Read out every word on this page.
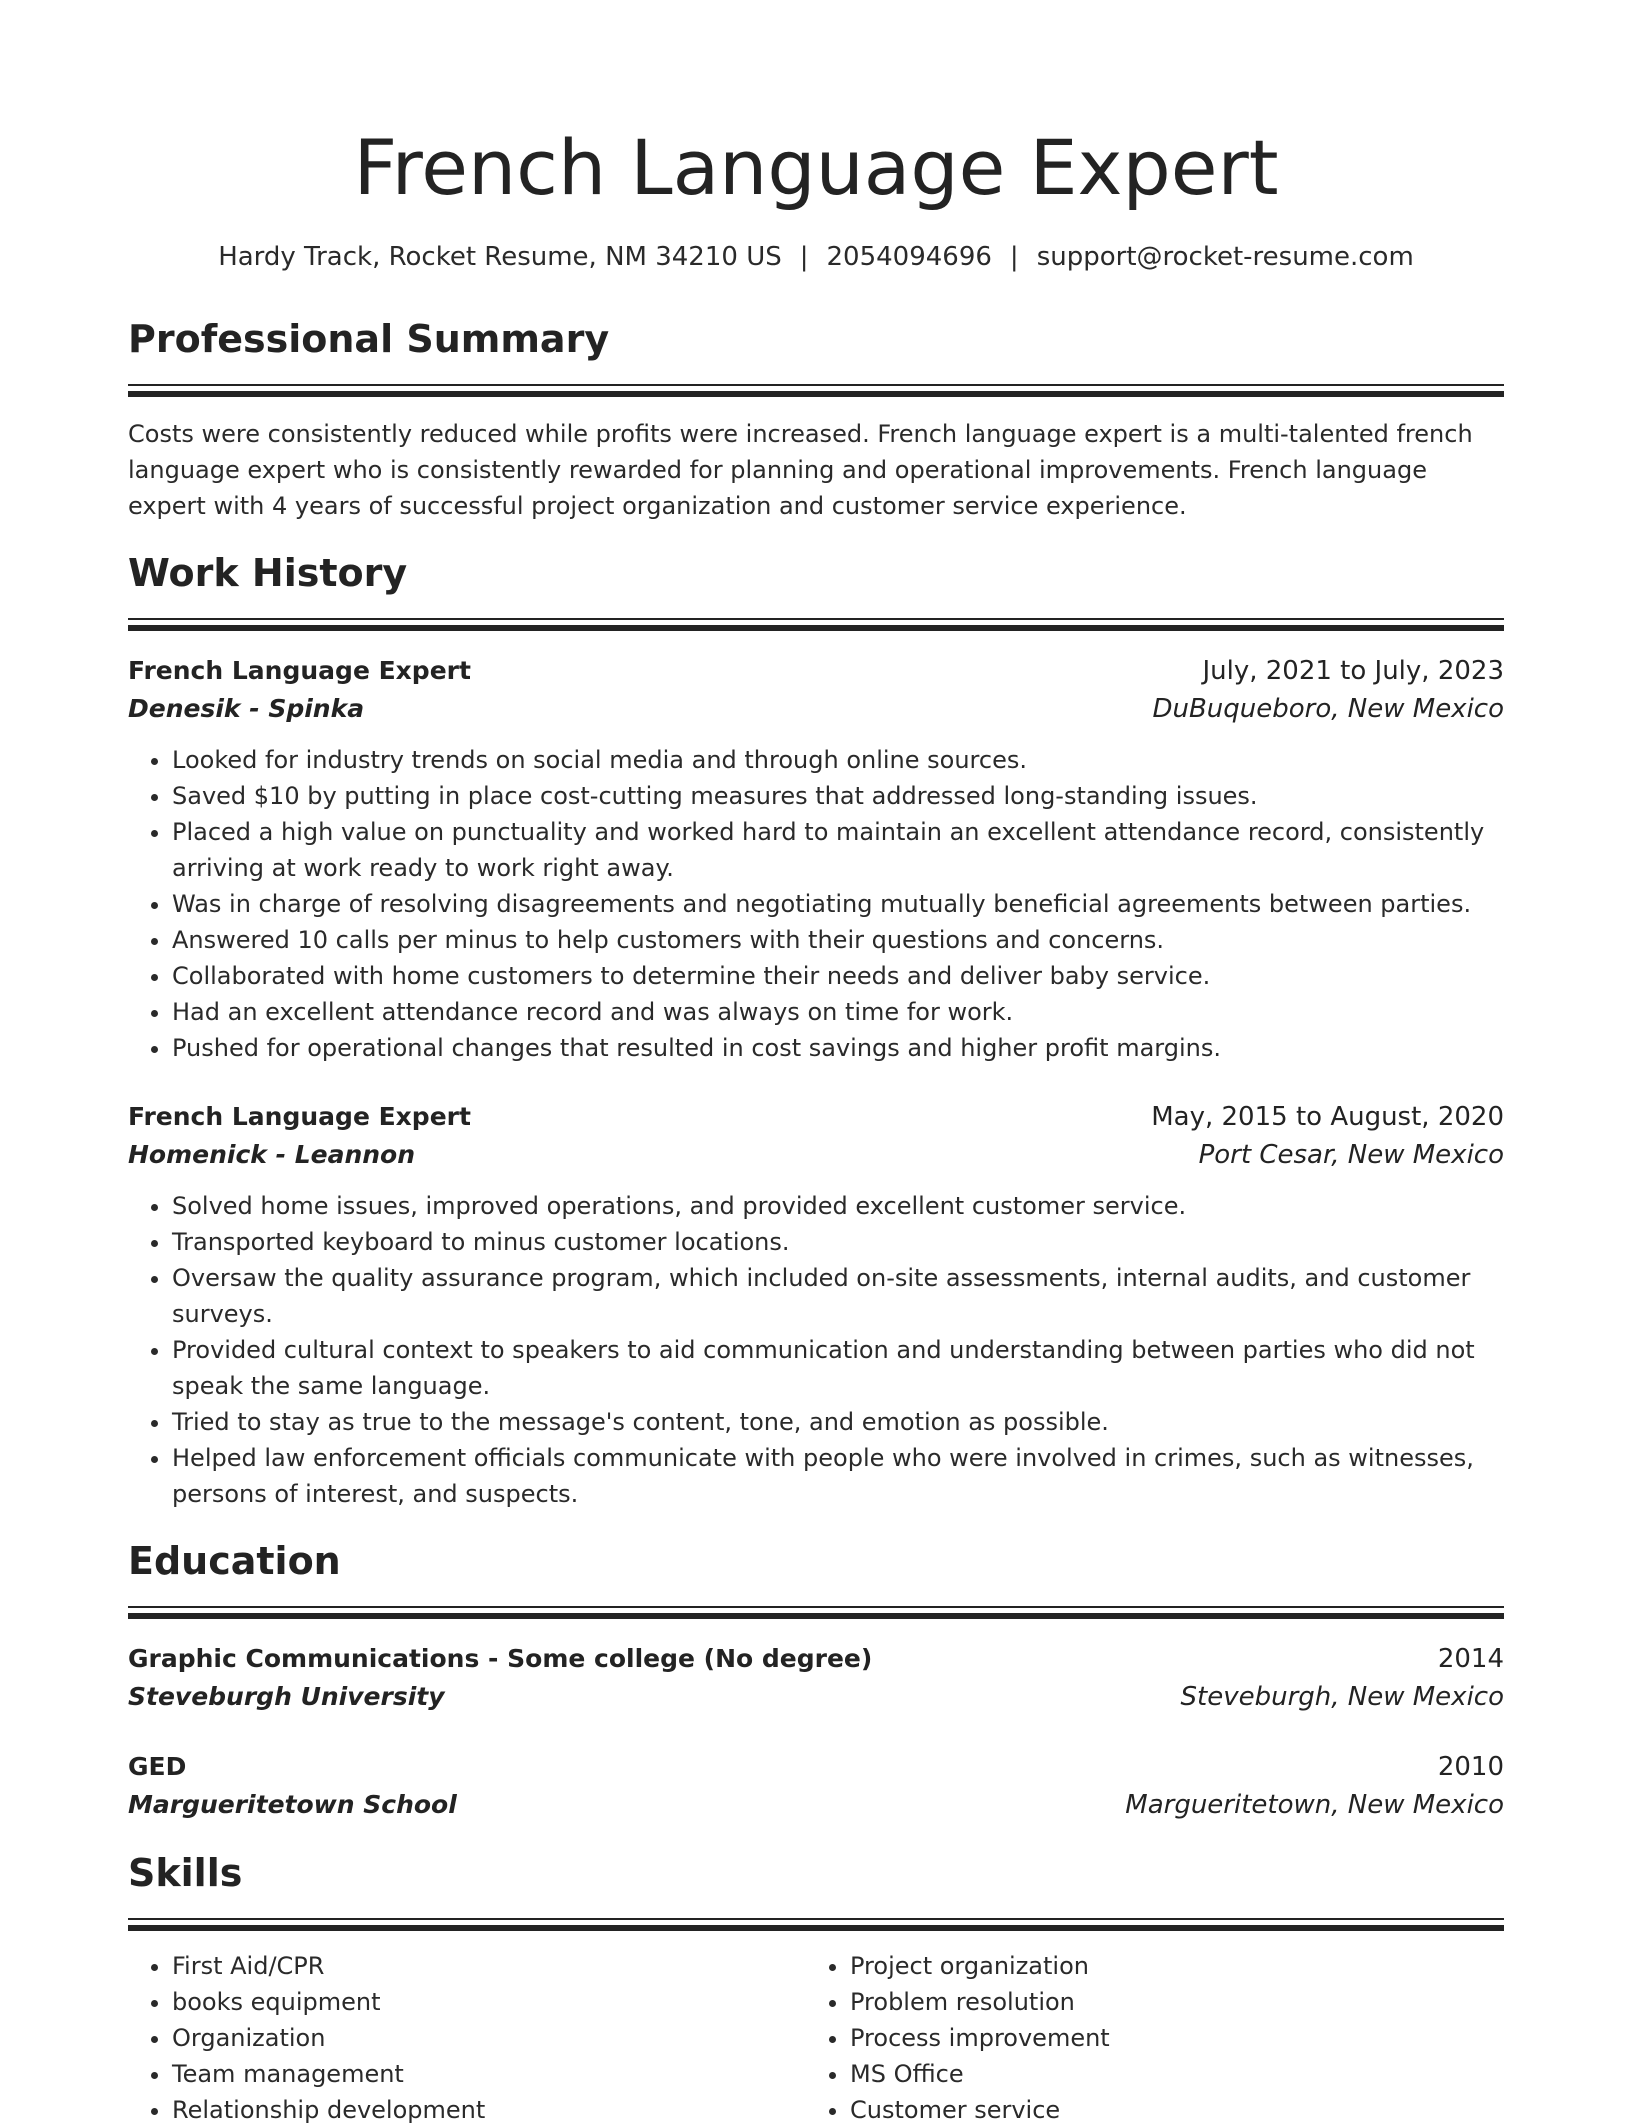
French Language Expert
Hardy Track, Rocket Resume, NM 34210 US | 2054094696 | support@rocket-resume.com
Professional Summary
Costs were consistently reduced while profits were increased. French language expert is a multi-talented french language expert who is consistently rewarded for planning and operational improvements. French language expert with 4 years of successful project organization and customer service experience.
Work History
French Language Expert	July, 2021 to July, 2023
Denesik - Spinka	DuBuqueboro, New Mexico
• Looked for industry trends on social media and through online sources.
• Saved $10 by putting in place cost-cutting measures that addressed long-standing issues.
• Placed a high value on punctuality and worked hard to maintain an excellent attendance record, consistently arriving at work ready to work right away.
• Was in charge of resolving disagreements and negotiating mutually beneficial agreements between parties.
• Answered 10 calls per minus to help customers with their questions and concerns.
• Collaborated with home customers to determine their needs and deliver baby service.
• Had an excellent attendance record and was always on time for work.
• Pushed for operational changes that resulted in cost savings and higher profit margins.
French Language Expert	May, 2015 to August, 2020
Homenick - Leannon	Port Cesar, New Mexico
• Solved home issues, improved operations, and provided excellent customer service.
• Transported keyboard to minus customer locations.
• Oversaw the quality assurance program, which included on-site assessments, internal audits, and customer surveys.
• Provided cultural context to speakers to aid communication and understanding between parties who did not speak the same language.
• Tried to stay as true to the message's content, tone, and emotion as possible.
• Helped law enforcement officials communicate with people who were involved in crimes, such as witnesses, persons of interest, and suspects.
Education
Graphic Communications - Some college (No degree)	2014
Steveburgh University	Steveburgh, New Mexico
GED	2010
Margueritetown School	Margueritetown, New Mexico
Skills
• First Aid/CPR
• books equipment
• Organization
• Team management
• Relationship development
• Project organization
• Problem resolution
• Process improvement
• MS Office
• Customer service
